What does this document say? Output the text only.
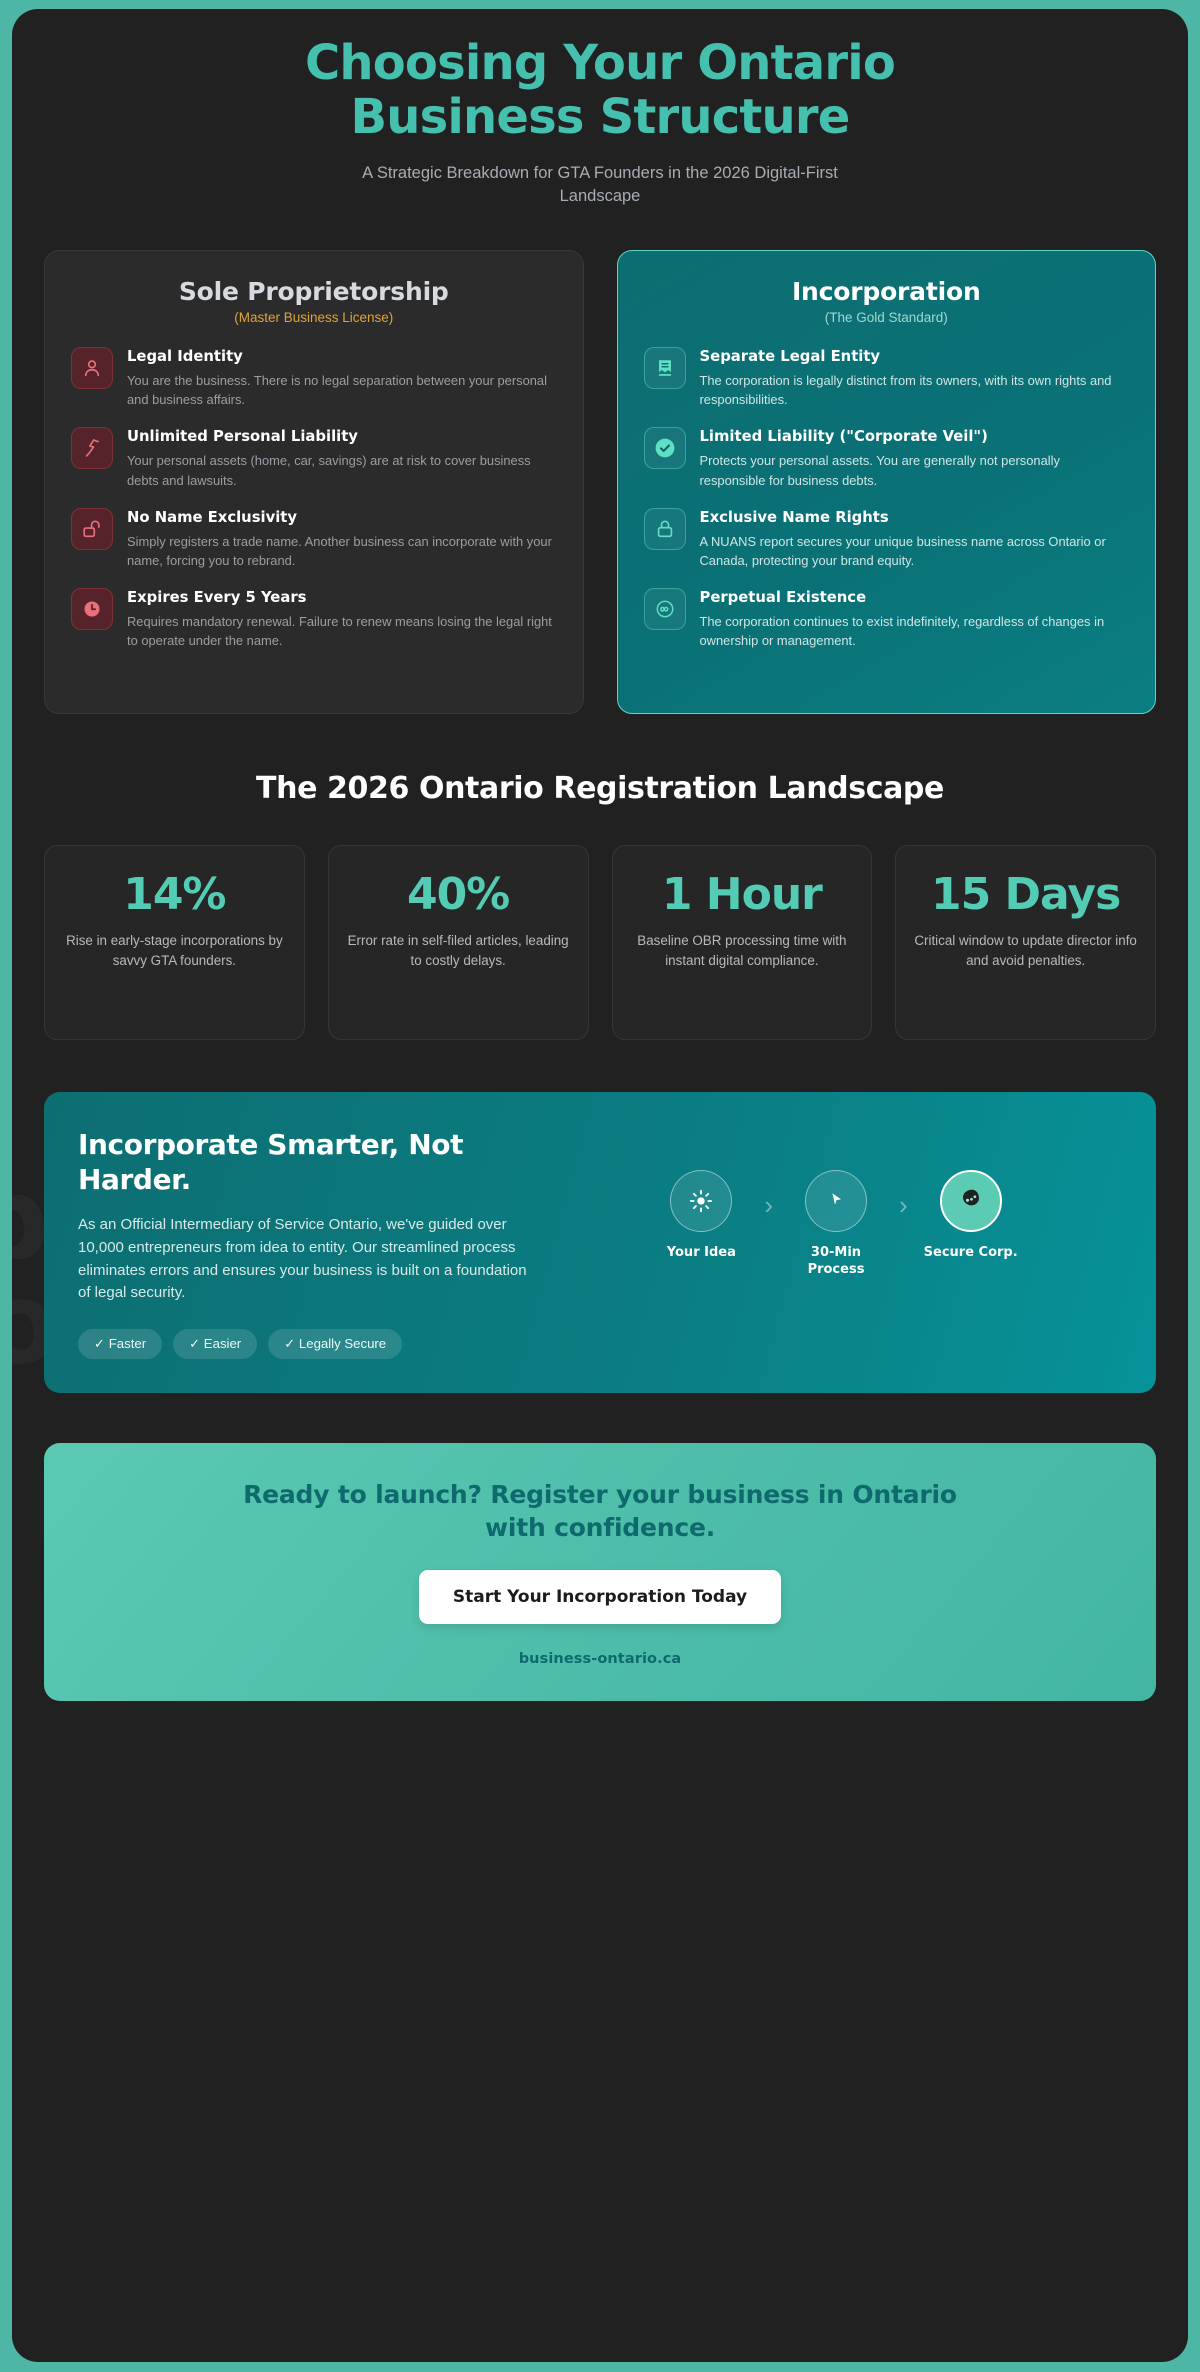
Choosing Your Ontario Business Structure
A Strategic Breakdown for GTA Founders in the 2026 Digital-First Landscape
Sole Proprietorship
(Master Business License)
Legal Identity

You are the business. There is no legal separation between your personal and business affairs.

Unlimited Personal Liability

Your personal assets (home, car, savings) are at risk to cover business debts and lawsuits.

No Name Exclusivity

Simply registers a trade name. Another business can incorporate with your name, forcing you to rebrand.

Expires Every 5 Years

Requires mandatory renewal. Failure to renew means losing the legal right to operate under the name.

Incorporation
(The Gold Standard)
Separate Legal Entity

The corporation is legally distinct from its owners, with its own rights and responsibilities.

Limited Liability ("Corporate Veil")

Protects your personal assets. You are generally not personally responsible for business debts.

Exclusive Name Rights

A NUANS report secures your unique business name across Ontario or Canada, protecting your brand equity.

Perpetual Existence

The corporation continues to exist indefinitely, regardless of changes in ownership or management.

The 2026 Ontario Registration Landscape
14%
Rise in early-stage incorporations by savvy GTA founders.
40%
Error rate in self-filed articles, leading to costly delays.
1 Hour
Baseline OBR processing time with instant digital compliance.
15 Days
Critical window to update director info and avoid penalties.
Incorporate Smarter, Not Harder.

As an Official Intermediary of Service Ontario, we've guided over 10,000 entrepreneurs from idea to entity. Our streamlined process eliminates errors and ensures your business is built on a foundation of legal security.

✓ Faster	✓ Easier	✓ Legally Secure
Your Idea
›
30-Min Process
›
Secure Corp.
Ready to launch? Register your business in Ontario with confidence.
Start Your Incorporation Today
business-ontario.ca
